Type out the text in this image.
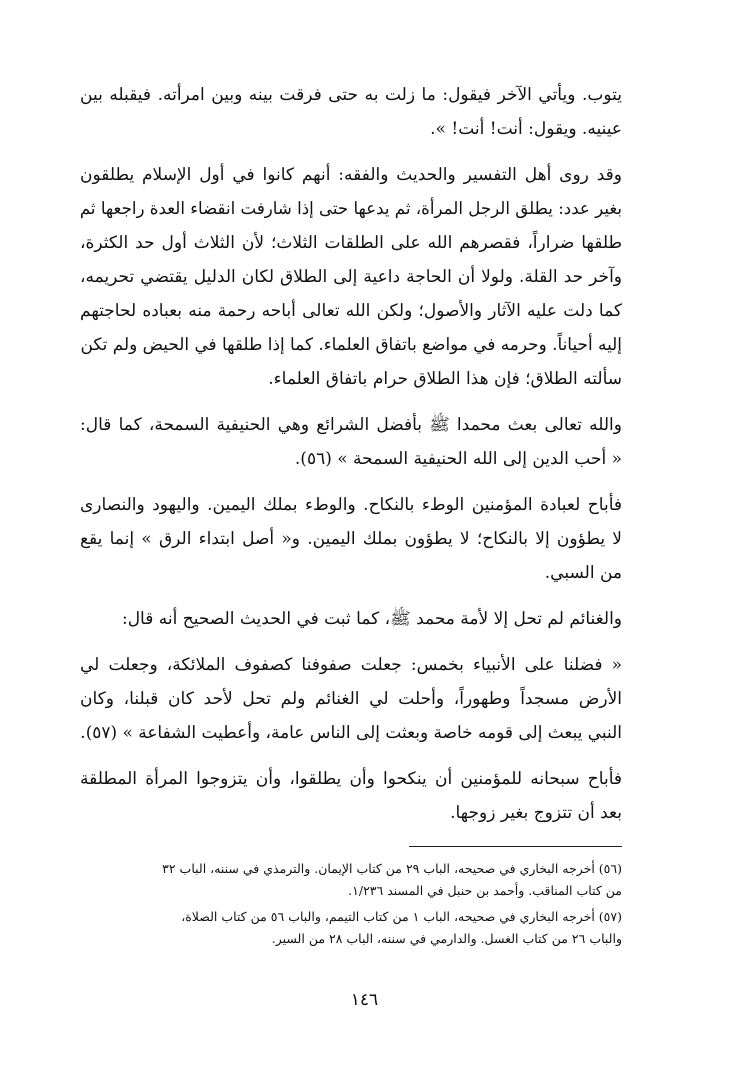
يتوب. ويأتي الآخر فيقول: ما زلت به حتى فرقت بينه وبين امرأته. فيقبله بين
عينيه. ويقول: أنت! أنت! ».

وقد روى أهل التفسير والحديث والفقه: أنهم كانوا في أول الإسلام يطلقون
بغير عدد: يطلق الرجل المرأة، ثم يدعها حتى إذا شارفت انقضاء العدة راجعها ثم
طلقها ضراراً، فقصرهم الله على الطلقات الثلاث؛ لأن الثلاث أول حد الكثرة،
وآخر حد القلة. ولولا أن الحاجة داعية إلى الطلاق لكان الدليل يقتضي تحريمه،
كما دلت عليه الآثار والأصول؛ ولكن الله تعالى أباحه رحمة منه بعباده لحاجتهم
إليه أحياناً. وحرمه في مواضع باتفاق العلماء. كما إذا طلقها في الحيض ولم تكن
سألته الطلاق؛ فإن هذا الطلاق حرام باتفاق العلماء.

والله تعالى بعث محمدا ﷺ بأفضل الشرائع وهي الحنيفية السمحة، كما قال:
« أحب الدين إلى الله الحنيفية السمحة » (٥٦).

فأباح لعبادة المؤمنين الوطء بالنكاح. والوطء بملك اليمين. واليهود والنصارى
لا يطؤون إلا بالنكاح؛ لا يطؤون بملك اليمين. و« أصل ابتداء الرق » إنما يقع
من السبي.

والغنائم لم تحل إلا لأمة محمد ﷺ، كما ثبت في الحديث الصحيح أنه قال:

« فضلنا على الأنبياء بخمس: جعلت صفوفنا كصفوف الملائكة، وجعلت لي
الأرض مسجداً وطهوراً، وأحلت لي الغنائم ولم تحل لأحد كان قبلنا، وكان
النبي يبعث إلى قومه خاصة وبعثت إلى الناس عامة، وأعطيت الشفاعة » (٥٧).

فأباح سبحانه للمؤمنين أن ينكحوا وأن يطلقوا، وأن يتزوجوا المرأة المطلقة
بعد أن تتزوج بغير زوجها.

(٥٦) أخرجه البخاري في صحيحه، الباب ٢٩ من كتاب الإيمان. والترمذي في سننه، الباب ٣٢
من كتاب المناقب. وأحمد بن حنبل في المسند ١/٢٣٦.

(٥٧) أخرجه البخاري في صحيحه، الباب ١ من كتاب التيمم، والباب ٥٦ من كتاب الصلاة،
والباب ٢٦ من كتاب الغسل. والدارمي في سننه، الباب ٢٨ من السير.

١٤٦
